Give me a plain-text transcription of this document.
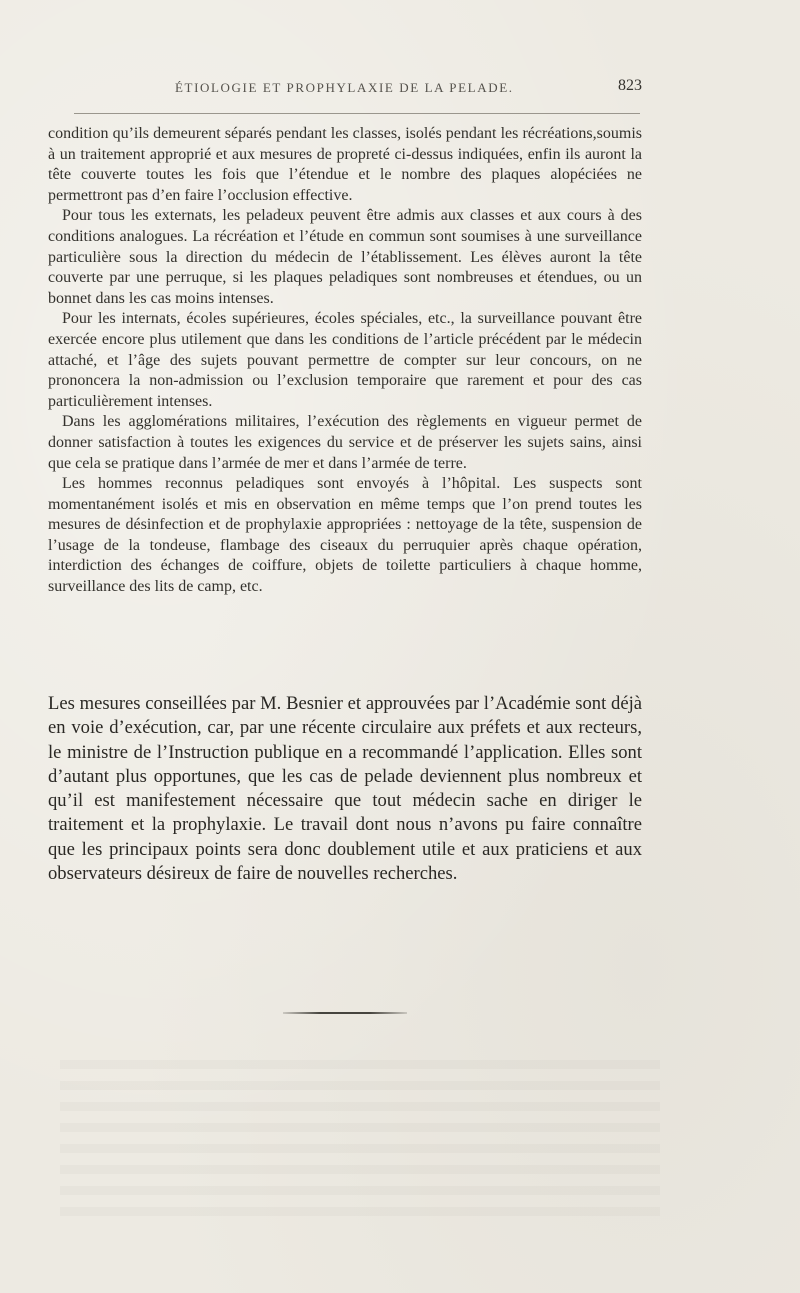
ÉTIOLOGIE ET PROPHYLAXIE DE LA PELADE.	823

condition qu’ils demeurent séparés pendant les classes, isolés pendant les récréations,soumis à un traitement approprié et aux mesures de propreté ci-dessus indiquées, enfin ils auront la tête couverte toutes les fois que l’étendue et le nombre des plaques alopéciées ne permettront pas d’en faire l’occlusion effective.

Pour tous les externats, les peladeux peuvent être admis aux classes et aux cours à des conditions analogues. La récréation et l’étude en commun sont soumises à une surveillance particulière sous la direction du médecin de l’établissement. Les élèves auront la tête couverte par une perruque, si les plaques peladiques sont nombreuses et étendues, ou un bonnet dans les cas moins intenses.

Pour les internats, écoles supérieures, écoles spéciales, etc., la surveillance pouvant être exercée encore plus utilement que dans les conditions de l’article précédent par le médecin attaché, et l’âge des sujets pouvant permettre de compter sur leur concours, on ne prononcera la non-admission ou l’exclusion temporaire que rarement et pour des cas particulièrement intenses.

Dans les agglomérations militaires, l’exécution des règlements en vigueur permet de donner satisfaction à toutes les exigences du service et de préserver les sujets sains, ainsi que cela se pratique dans l’armée de mer et dans l’armée de terre.

Les hommes reconnus peladiques sont envoyés à l’hôpital. Les suspects sont momentanément isolés et mis en observation en même temps que l’on prend toutes les mesures de désinfection et de prophylaxie appropriées : nettoyage de la tête, suspension de l’usage de la tondeuse, flambage des ciseaux du perruquier après chaque opération, interdiction des échanges de coiffure, objets de toilette particuliers à chaque homme, surveillance des lits de camp, etc.

Les mesures conseillées par M. Besnier et approuvées par l’Académie sont déjà en voie d’exécution, car, par une récente circulaire aux préfets et aux recteurs, le ministre de l’Instruction publique en a recommandé l’application. Elles sont d’autant plus opportunes, que les cas de pelade deviennent plus nombreux et qu’il est manifestement nécessaire que tout médecin sache en diriger le traitement et la prophylaxie. Le travail dont nous n’avons pu faire connaître que les principaux points sera donc doublement utile et aux praticiens et aux observateurs désireux de faire de nouvelles recherches.
